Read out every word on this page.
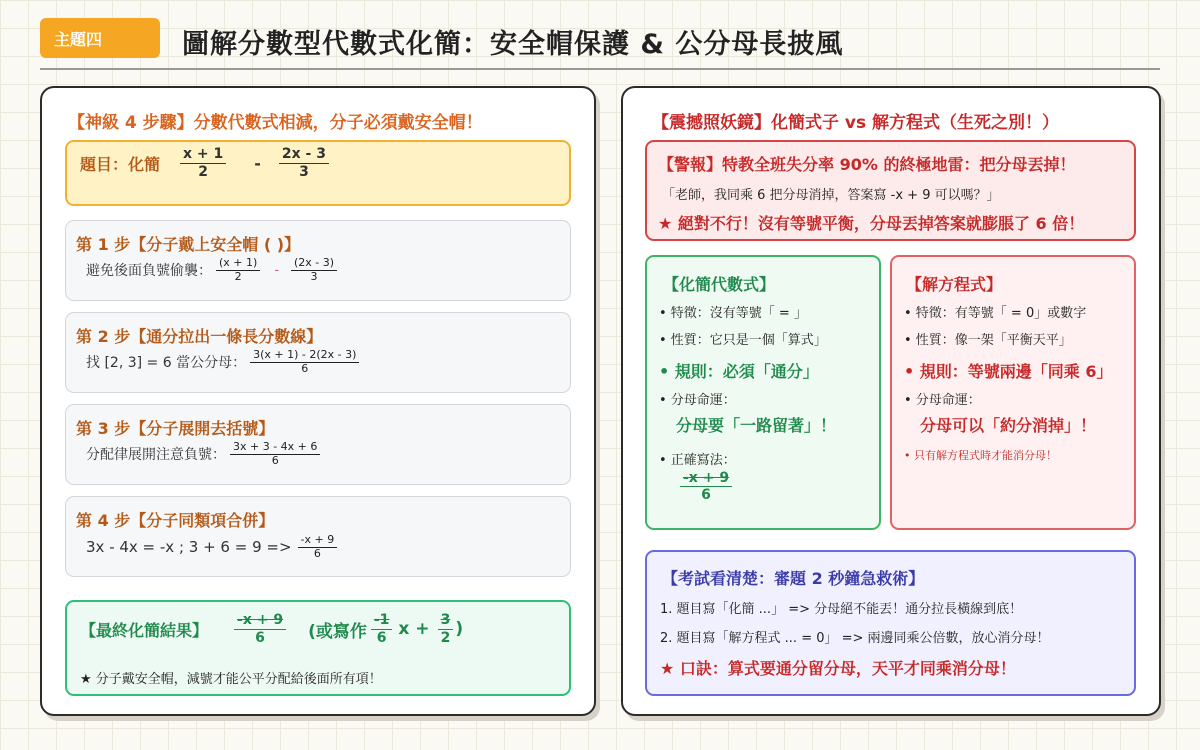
主題四	圖解分數型代數式化簡：安全帽保護 & 公分母長披風
【神級 4 步驟】分數代數式相減，分子必須戴安全帽！
題目：化簡 $\frac{x + 1}{2} - \frac{2x - 3}{3}$
第 1 步【分子戴上安全帽 ( )】
避免後面負號偷襲： $\frac{(x + 1)}{2} - \frac{(2x - 3)}{3}$
第 2 步【通分拉出一條長分數線】
找 [2, 3] = 6 當公分母： $\frac{3(x + 1) - 2(2x - 3)}{6}$
第 3 步【分子展開去括號】
分配律展開注意負號： $\frac{3x + 3 - 4x + 6}{6}$
第 4 步【分子同類項合併】
3x - 4x = -x ; $3 + 6 = 9 => \frac{-x + 9}{6}$
【最終化簡結果】 $\frac{-x + 9}{6}$ (或寫作 $\frac{-1}{6}$ $x + \frac{3}{2}$ )
★ 分子戴安全帽，減號才能公平分配給後面所有項！
【震撼照妖鏡】化簡式子 vs 解方程式（生死之別！）
【警報】特教全班失分率 90% 的終極地雷：把分母丟掉！
「老師，我同乘 6 把分母消掉，答案寫 -x + 9 可以嗎？」
★ 絕對不行！沒有等號平衡，分母丟掉答案就膨脹了 6 倍！
【化簡代數式】
• 特徵：沒有等號「 = 」
• 性質：它只是一個「算式」
• 規則：必須「通分」
• 分母命運：
分母要「一路留著」！
• 正確寫法：
$\frac{-x + 9}{6}$
【解方程式】
• 特徵：有等號「 = 0」或數字
• 性質：像一架「平衡天平」
• 規則：等號兩邊「同乘 6」
• 分母命運：
分母可以「約分消掉」！
• 只有解方程式時才能消分母！
【考試看清楚：審題 2 秒鐘急救術】
1. 題目寫「化簡 ...」 => 分母絕不能丟！通分拉長橫線到底！
2. 題目寫「解方程式 ... = 0」 => 兩邊同乘公倍數，放心消分母！
★ 口訣：算式要通分留分母，天平才同乘消分母！
